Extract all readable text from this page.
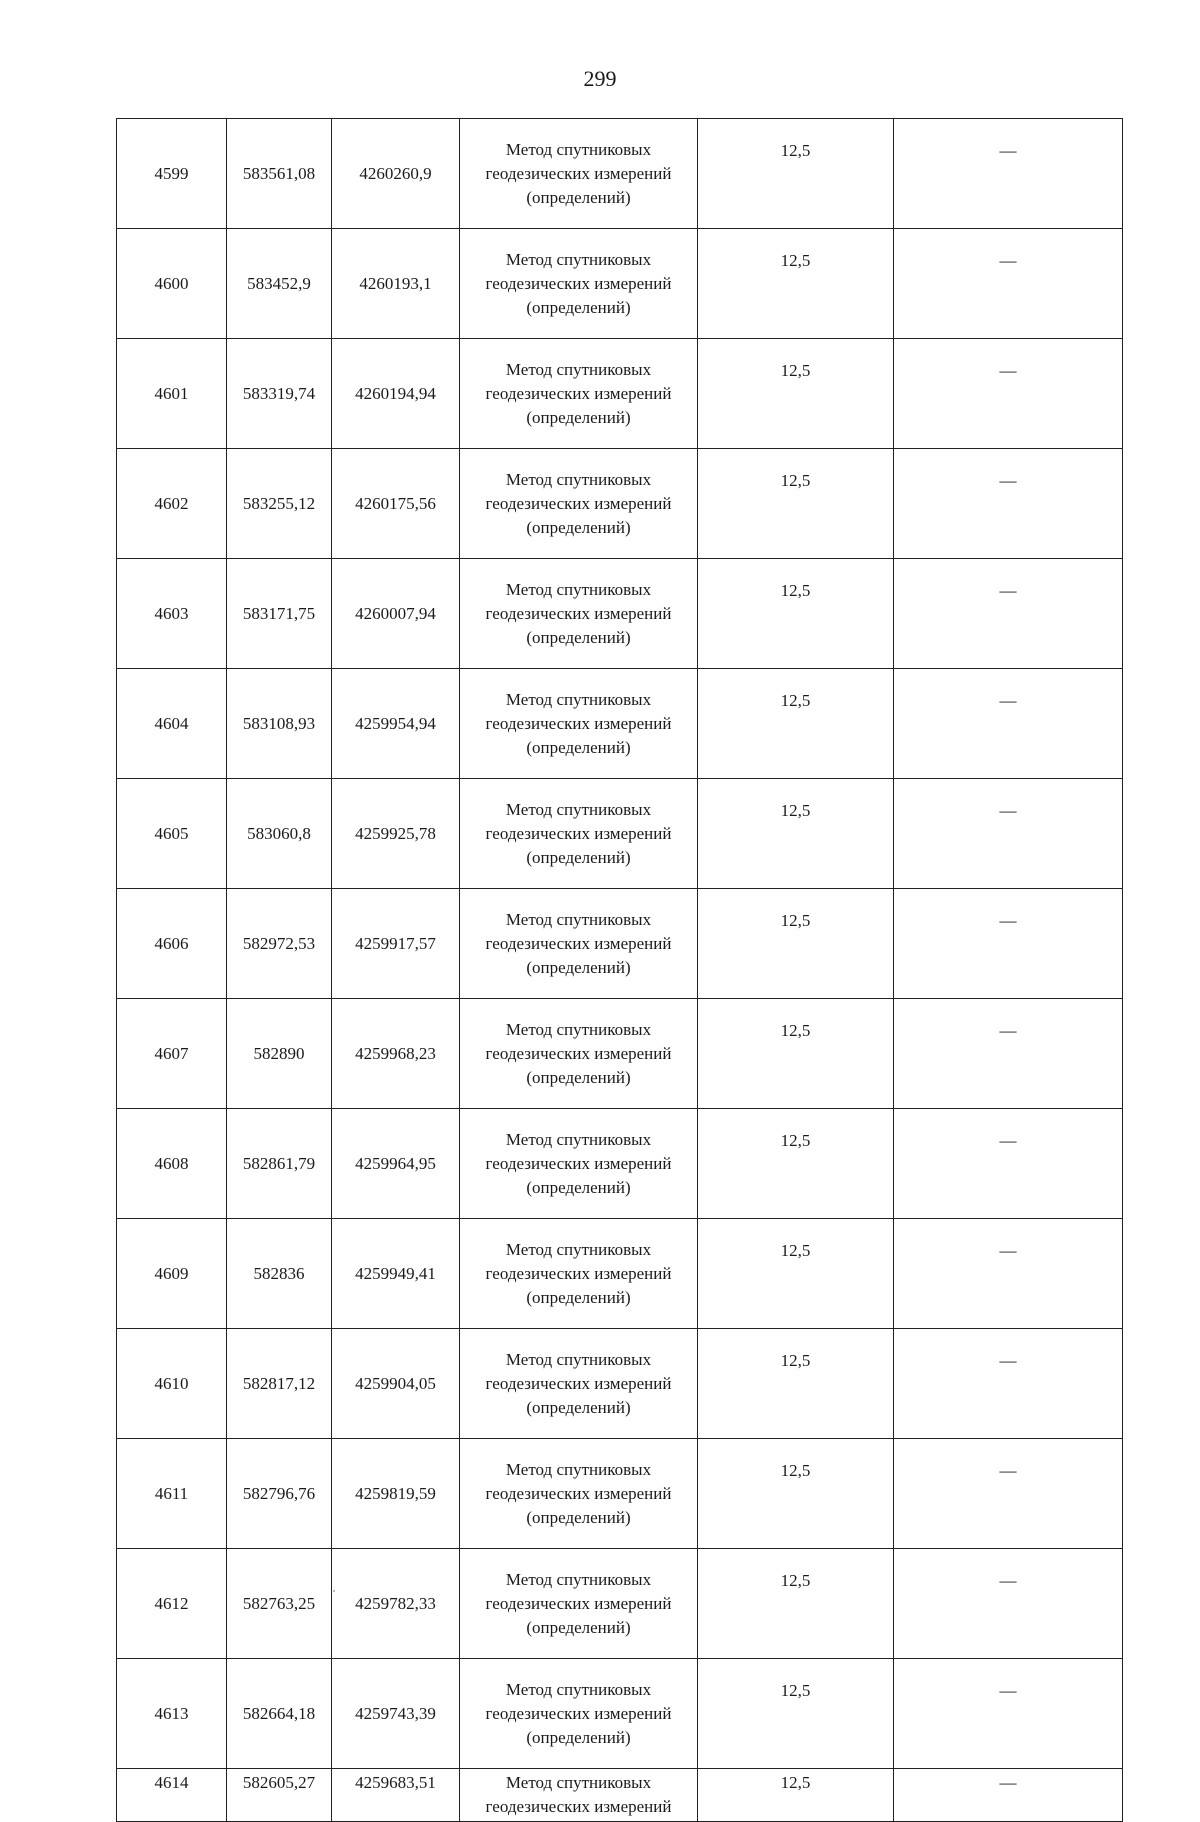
299
4599	583561,08	4260260,9	Метод спутниковых
геодезических измерений
(определений)	12,5	—
4600	583452,9	4260193,1	Метод спутниковых
геодезических измерений
(определений)	12,5	—
4601	583319,74	4260194,94	Метод спутниковых
геодезических измерений
(определений)	12,5	—
4602	583255,12	4260175,56	Метод спутниковых
геодезических измерений
(определений)	12,5	—
4603	583171,75	4260007,94	Метод спутниковых
геодезических измерений
(определений)	12,5	—
4604	583108,93	4259954,94	Метод спутниковых
геодезических измерений
(определений)	12,5	—
4605	583060,8	4259925,78	Метод спутниковых
геодезических измерений
(определений)	12,5	—
4606	582972,53	4259917,57	Метод спутниковых
геодезических измерений
(определений)	12,5	—
4607	582890	4259968,23	Метод спутниковых
геодезических измерений
(определений)	12,5	—
4608	582861,79	4259964,95	Метод спутниковых
геодезических измерений
(определений)	12,5	—
4609	582836	4259949,41	Метод спутниковых
геодезических измерений
(определений)	12,5	—
4610	582817,12	4259904,05	Метод спутниковых
геодезических измерений
(определений)	12,5	—
4611	582796,76	4259819,59	Метод спутниковых
геодезических измерений
(определений)	12,5	—
4612	582763,25	4259782,33	Метод спутниковых
геодезических измерений
(определений)	12,5	—
4613	582664,18	4259743,39	Метод спутниковых
геодезических измерений
(определений)	12,5	—
4614	582605,27	4259683,51	Метод спутниковых
геодезических измерений	12,5	—
